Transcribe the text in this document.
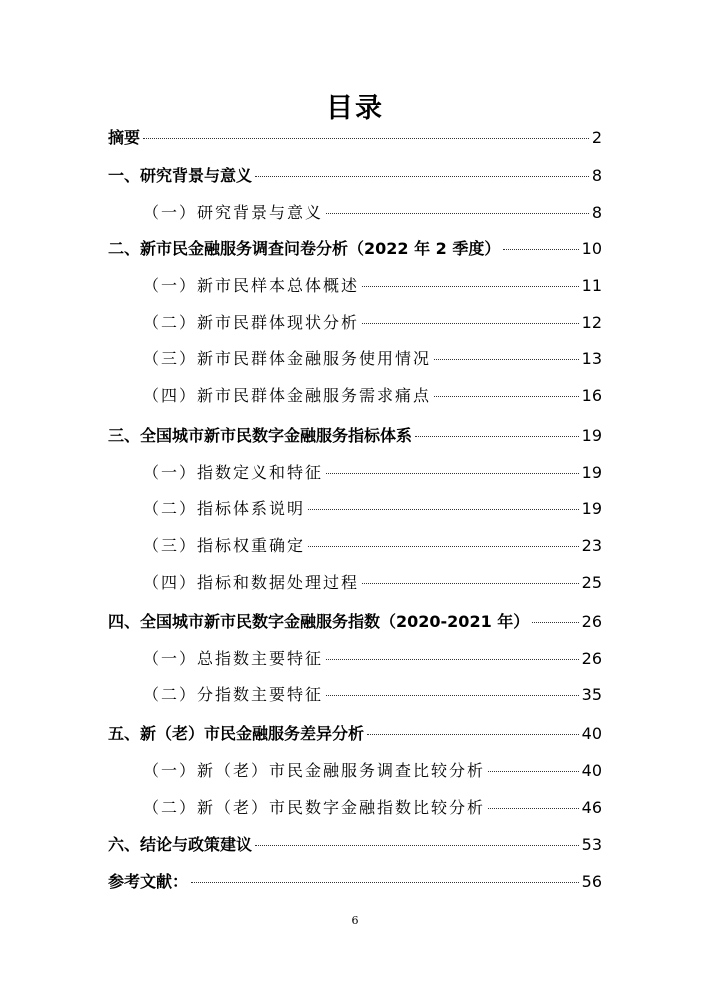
目录
摘要	2
一、研究背景与意义	8
（一）研究背景与意义	8
二、新市民金融服务调查问卷分析（2022 年 2 季度）	10
（一）新市民样本总体概述	11
（二）新市民群体现状分析	12
（三）新市民群体金融服务使用情况	13
（四）新市民群体金融服务需求痛点	16
三、全国城市新市民数字金融服务指标体系	19
（一）指数定义和特征	19
（二）指标体系说明	19
（三）指标权重确定	23
（四）指标和数据处理过程	25
四、全国城市新市民数字金融服务指数（2020-2021 年）	26
（一）总指数主要特征	26
（二）分指数主要特征	35
五、新（老）市民金融服务差异分析	40
（一）新（老）市民金融服务调查比较分析	40
（二）新（老）市民数字金融指数比较分析	46
六、结论与政策建议	53
参考文献：	56
6
